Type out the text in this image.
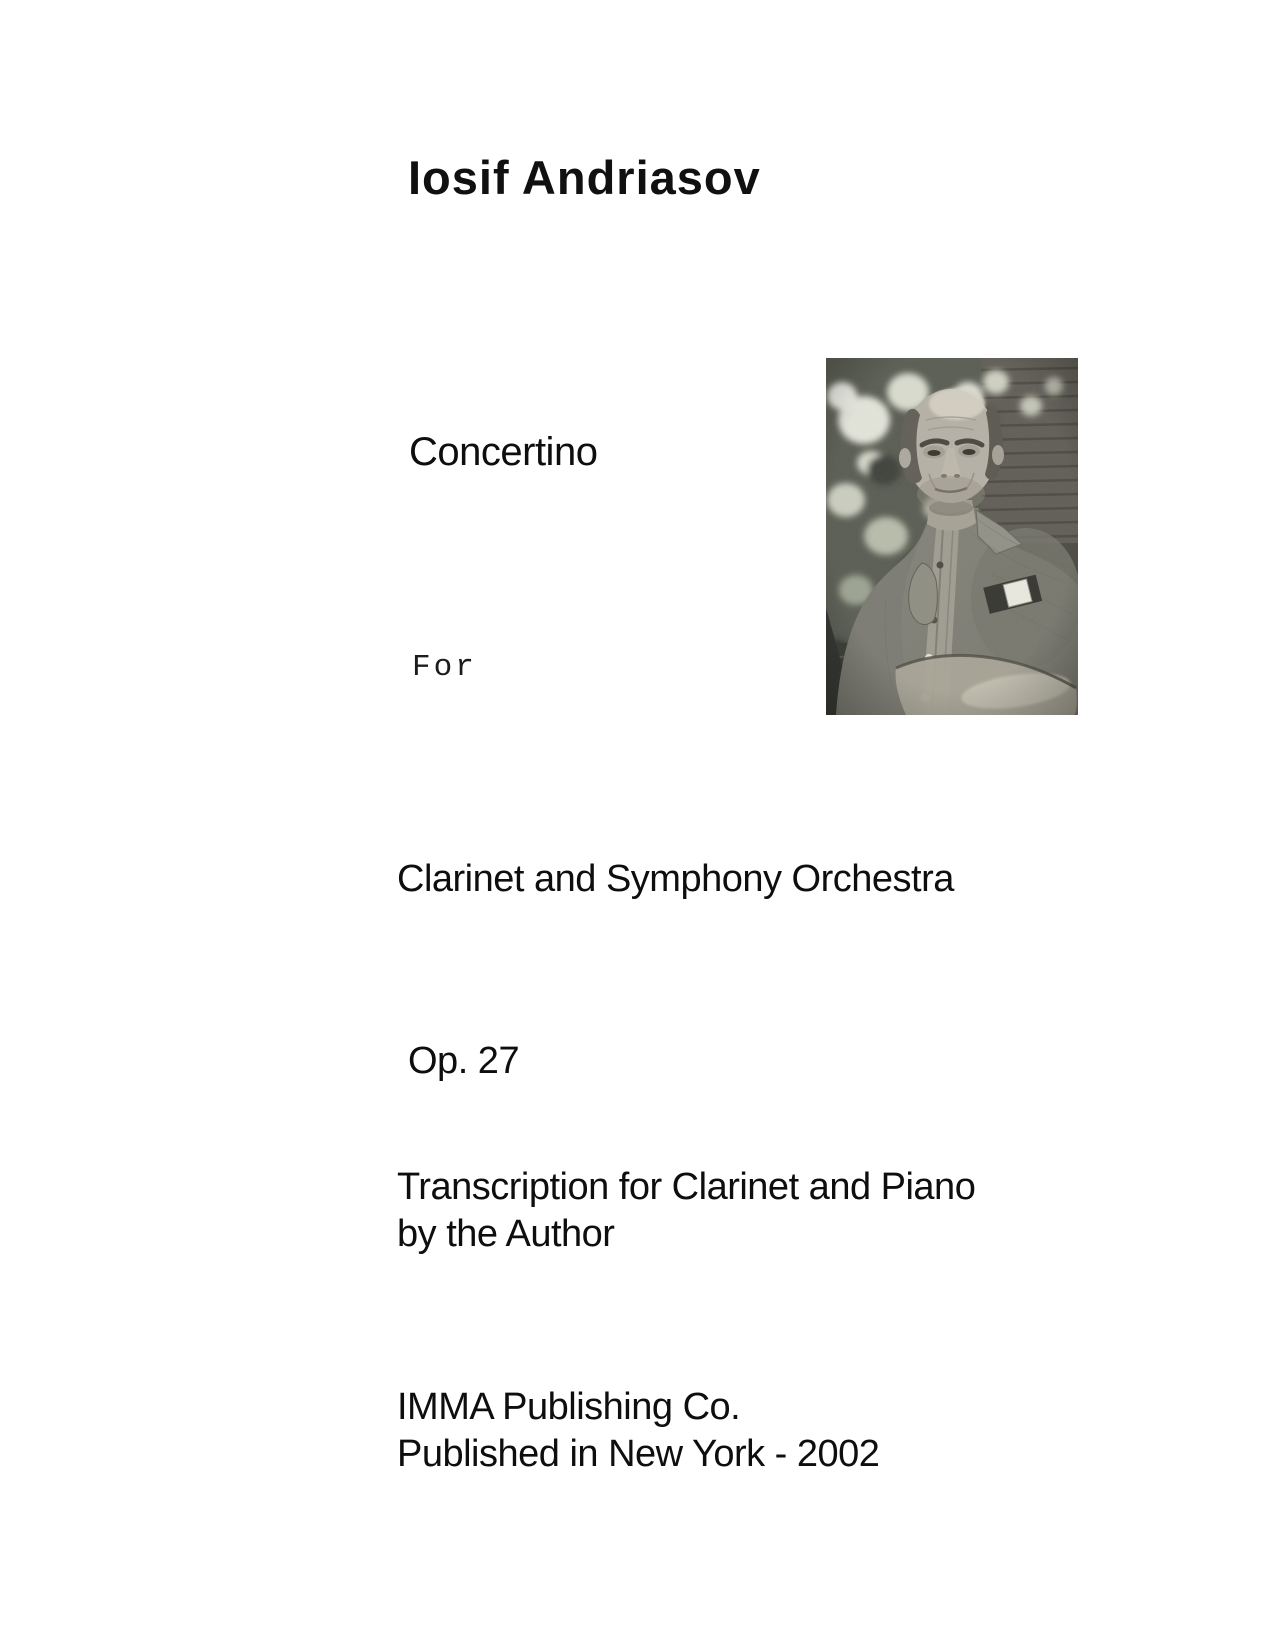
Iosif Andriasov
Concertino
For
Clarinet and Symphony Orchestra
Op. 27
Transcription for Clarinet and Piano
by the Author
IMMA Publishing Co.
Published in New York - 2002
